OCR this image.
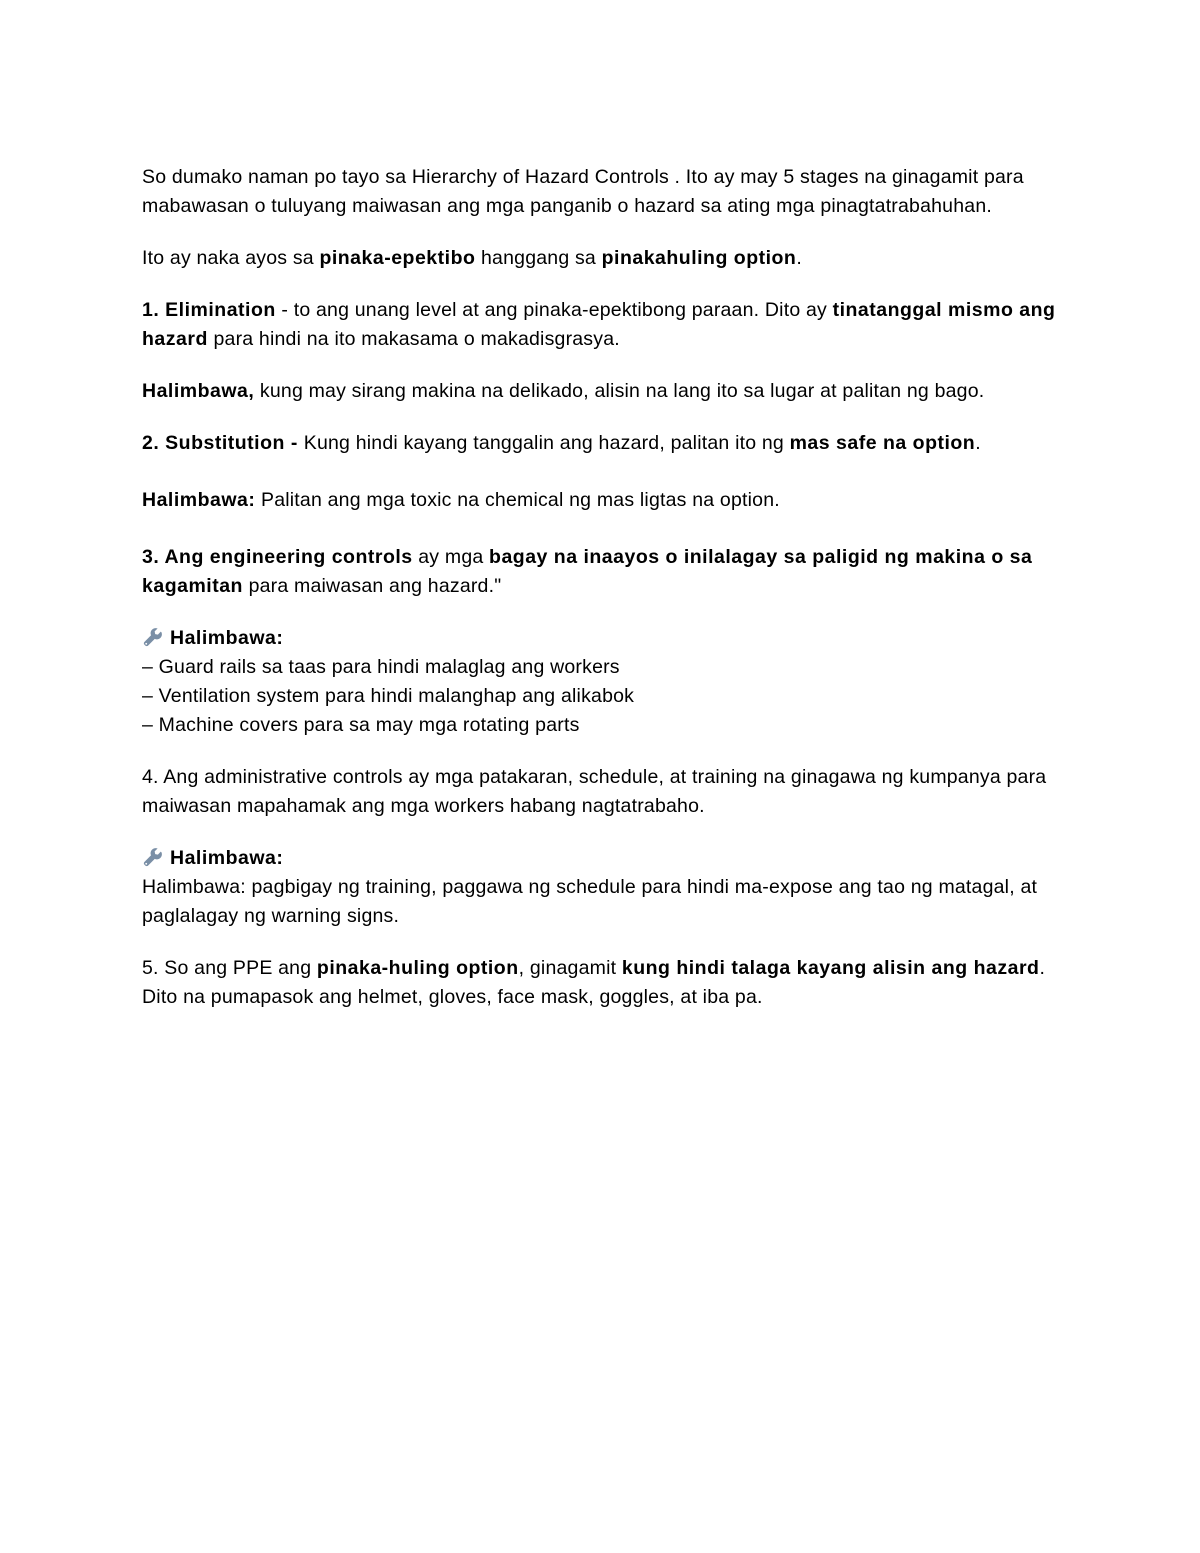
So dumako naman po tayo sa Hierarchy of Hazard Controls . Ito ay may 5 stages na ginagamit para mabawasan o tuluyang maiwasan ang mga panganib o hazard sa ating mga pinagtatrabahuhan.

Ito ay naka ayos sa pinaka-epektibo hanggang sa pinakahuling option.

1. Elimination - to ang unang level at ang pinaka-epektibong paraan. Dito ay tinatanggal mismo ang hazard para hindi na ito makasama o makadisgrasya.

Halimbawa, kung may sirang makina na delikado, alisin na lang ito sa lugar at palitan ng bago.

2. Substitution - Kung hindi kayang tanggalin ang hazard, palitan ito ng mas safe na option.

Halimbawa: Palitan ang mga toxic na chemical ng mas ligtas na option.

3. Ang engineering controls ay mga bagay na inaayos o inilalagay sa paligid ng makina o sa kagamitan para maiwasan ang hazard."

Halimbawa:
– Guard rails sa taas para hindi malaglag ang workers
– Ventilation system para hindi malanghap ang alikabok
– Machine covers para sa may mga rotating parts

4. Ang administrative controls ay mga patakaran, schedule, at training na ginagawa ng kumpanya para maiwasan mapahamak ang mga workers habang nagtatrabaho.

Halimbawa:
Halimbawa: pagbigay ng training, paggawa ng schedule para hindi ma-expose ang tao ng matagal, at paglalagay ng warning signs.

5. So ang PPE ang pinaka-huling option, ginagamit kung hindi talaga kayang alisin ang hazard. Dito na pumapasok ang helmet, gloves, face mask, goggles, at iba pa.
